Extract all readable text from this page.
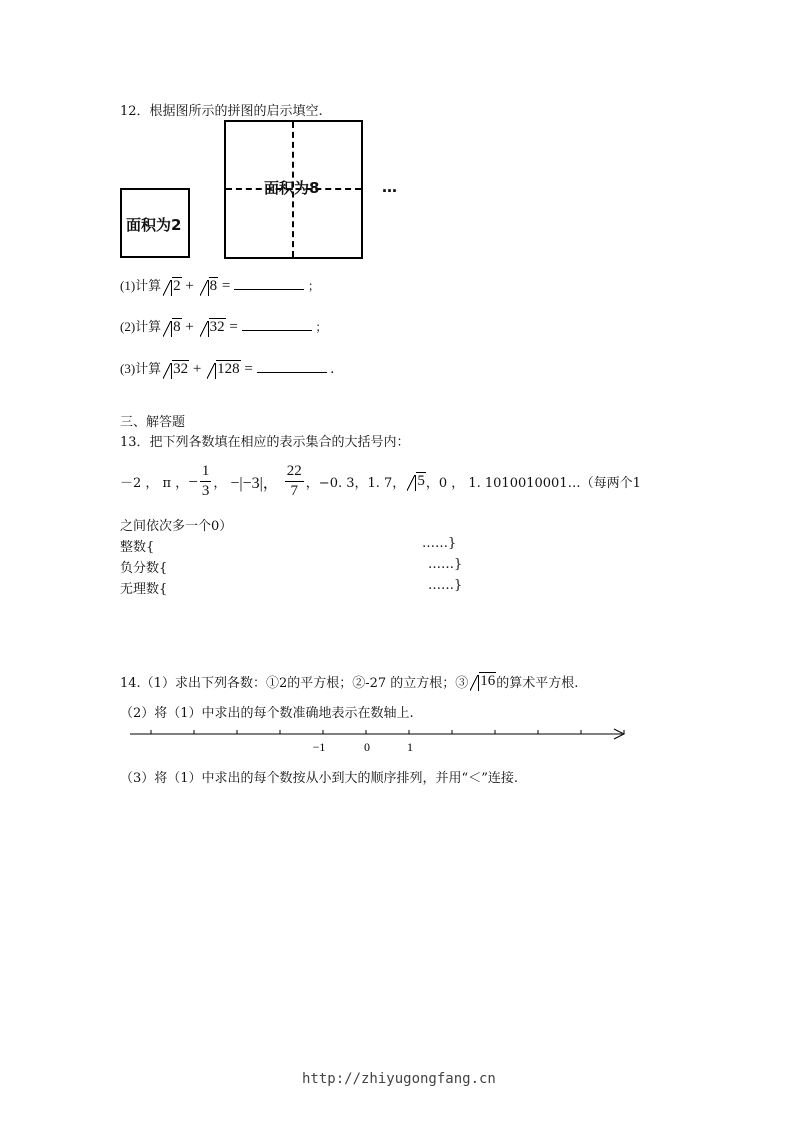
12．根据图所示的拼图的启示填空.
面积为2
面积为8	…
(1)计算 2 + 8 =	；
(2)计算 8 + 32 =	；
(3)计算 32 + 128 =	.
三、解答题
13．把下列各数填在相应的表示集合的大括号内：
－2 ， π ， − $\frac{1}{3}$ ， −|−3|， $\frac{22}{7}$ ，−0. 3，1. 7， 5 ，0 ， 1. 1010010001…（每两个1
之间依次多一个0）
整数{	……}
负分数{	……}
无理数{	……}
14.（1）求出下列各数：①2的平方根；②-27 的立方根；③ 16 的算术平方根.
（2）将（1）中求出的每个数准确地表示在数轴上.
−1	0	1
（3）将（1）中求出的每个数按从小到大的顺序排列，并用“＜”连接.
http://zhiyugongfang.cn
